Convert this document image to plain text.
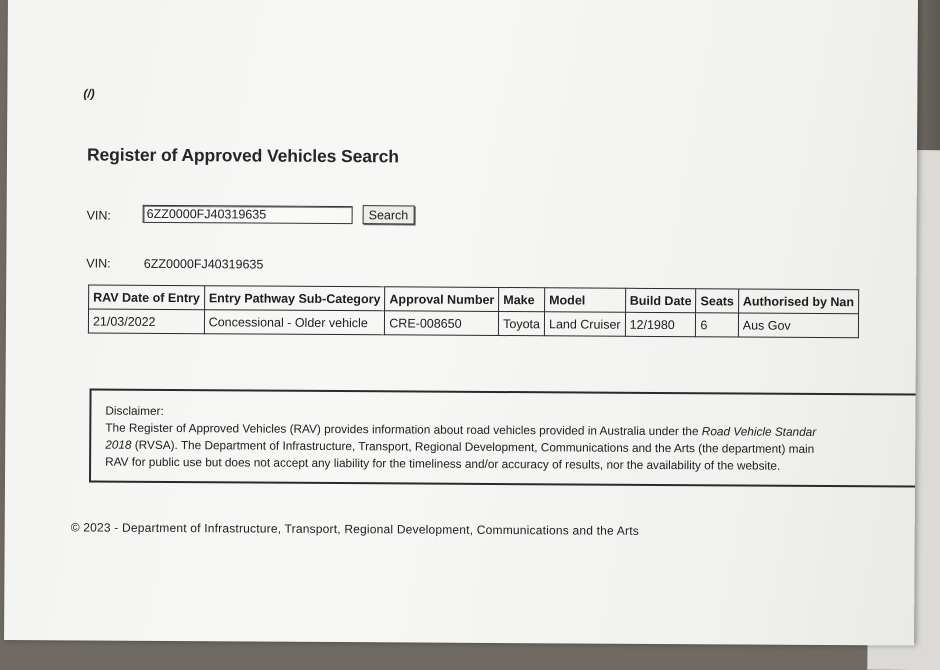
(/)
Register of Approved Vehicles Search
VIN:
6ZZ0000FJ40319635	Search
VIN:	6ZZ0000FJ40319635
RAV Date of Entry	Entry Pathway Sub-Category	Approval Number	Make	Model	Build Date	Seats	Authorised by Nan
21/03/2022	Concessional - Older vehicle	CRE-008650	Toyota	Land Cruiser	12/1980	6	Aus Gov

Disclaimer:

The Register of Approved Vehicles (RAV) provides information about road vehicles provided in Australia under the Road Vehicle Standar

2018 (RVSA). The Department of Infrastructure, Transport, Regional Development, Communications and the Arts (the department) main

RAV for public use but does not accept any liability for the timeliness and/or accuracy of results, nor the availability of the website.

© 2023 - Department of Infrastructure, Transport, Regional Development, Communications and the Arts
